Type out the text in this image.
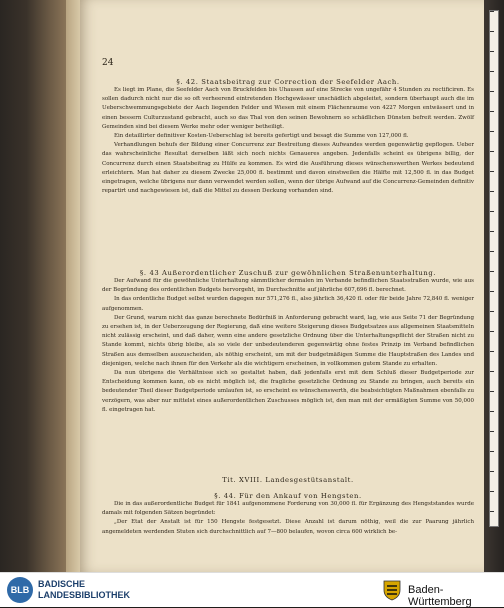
24
§. 42. Staatsbeitrag zur Correction der Seefelder Aach.

Es liegt im Plane, die Seefelder Aach von Bruckfelden bis Uhausen auf eine Strecke von ungefähr 4 Stunden zu rectificiren. Es sollen dadurch nicht nur die so oft verheerend eintretenden Hochgewässer unschädlich abgeleitet, sondern überhaupt auch die im Ueberschwemmungsgebiete der Aach liegenden Felder und Wiesen mit einem Flächenraume von 4227 Morgen entwässert und in einen bessern Culturzustand gebracht, auch so das Thal von den seinen Bewohnern so schädlichen Dünsten befreit werden. Zwölf Gemeinden sind bei diesem Werke mehr oder weniger betheiligt.

Ein detaillirter definitiver Kosten-Ueberschlag ist bereits gefertigt und besagt die Summe von 127,000 fl.

Verhandlungen behufs der Bildung einer Concurrenz zur Bestreitung dieses Aufwandes werden gegenwärtig gepflogen. Ueber das wahrscheinliche Resultat derselben läßt sich noch nichts Genaueres angeben. Jedenfalls scheint es übrigens billig, der Concurrenz durch einen Staatsbeitrag zu Hülfe zu kommen. Es wird die Ausführung dieses wünschenswerthen Werkes bedeutend erleichtern. Man hat daher zu diesem Zwecke 25,000 fl. bestimmt und davon einstweilen die Hälfte mit 12,500 fl. in das Budget eingetragen, welche übrigens nur dann verwendet werden sollen, wenn der übrige Aufwand auf die Concurrenz-Gemeinden definitiv repartirt und nachgewiesen ist, daß die Mittel zu dessen Deckung vorhanden sind.

§. 43 Außerordentlicher Zuschuß zur gewöhnlichen Straßenunterhaltung.

Der Aufwand für die gewöhnliche Unterhaltung sämmtlicher dermalen im Verbande befindlichen Staatsstraßen wurde, wie aus der Begründung des ordentlichen Budgets hervorgeht, im Durchschnitte auf jährliche 607,696 fl. berechnet.

In das ordentliche Budget selbst wurden dagegen nur 571,276 fl., also jährlich 36,420 fl. oder für beide Jahre 72,840 fl. weniger aufgenommen.

Der Grund, warum nicht das ganze berechnete Bedürfniß in Anforderung gebracht ward, lag, wie aus Seite 71 der Begründung zu ersehen ist, in der Ueberzeugung der Regierung, daß eine weitere Steigerung dieses Budgetsatzes aus allgemeinen Staatsmitteln nicht zulässig erscheint, und daß daher, wenn eine andere gesetzliche Ordnung über die Unterhaltungspflicht der Straßen nicht zu Stande kommt, nichts übrig bleibe, als so viele der unbedeutenderen gegenwärtig ohne festes Prinzip im Verband befindlichen Straßen aus demselben auszuscheiden, als nöthig erscheint, um mit der budgetmäßigen Summe die Hauptstraßen des Landes und diejenigen, welche nach ihnen für den Verkehr als die wichtigern erscheinen, in vollkommen gutem Stande zu erhalten.

Da nun übrigens die Verhältnisse sich so gestaltet haben, daß jedenfalls erst mit dem Schluß dieser Budgetperiode zur Entscheidung kommen kann, ob es nicht möglich ist, die fragliche gesetzliche Ordnung zu Stande zu bringen, auch bereits ein bedeutender Theil dieser Budgetperiode umlaufen ist, so erscheint es wünschenswerth, die beabsichtigten Maßnahmen ebenfalls zu verzögern, was aber nur mittelst eines außerordentlichen Zuschusses möglich ist, den man mit der ermäßigten Summe von 50,000 fl. eingetragen hat.

Tit. XVIII. Landesgestütsanstalt.
§. 44. Für den Ankauf von Hengsten.

Die in das außerordentliche Budget für 1841 aufgenommene Forderung von 30,000 fl. für Ergänzung des Hengststandes wurde damals mit folgenden Sätzen begründet:

„Der Etat der Anstalt ist für 150 Hengste festgesetzt. Diese Anzahl ist darum nöthig, weil die zur Paarung jährlich angemeldeten werdenden Stuten sich durchschnittlich auf 7—800 belaufen, wovon circa 600 wirklich be-

BLB
BADISCHE
LANDESBIBLIOTHEK	Baden-Württemberg
